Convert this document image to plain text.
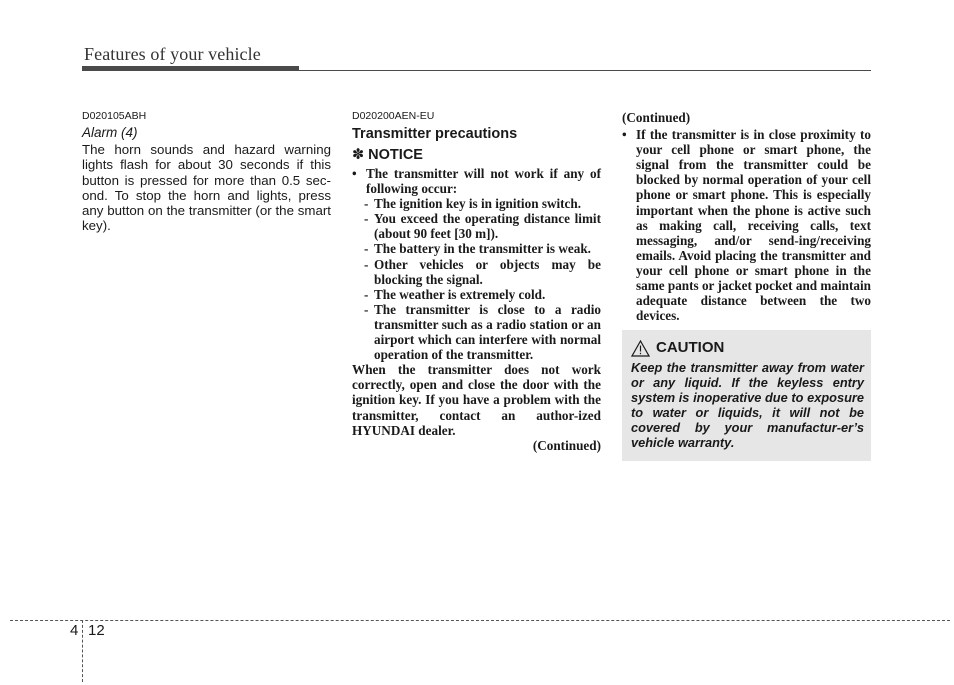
Features of your vehicle
D020105ABH
Alarm (4)
The horn sounds and hazard warning lights flash for about 30 seconds if this button is pressed for more than 0.5 sec-ond. To stop the horn and lights, press any button on the transmitter (or the smart key).
D020200AEN-EU
Transmitter precautions
✽ NOTICE
• The transmitter will not work if any of following occur:
- The ignition key is in ignition switch.
- You exceed the operating distance limit (about 90 feet [30 m]).
- The battery in the transmitter is weak.
- Other vehicles or objects may be blocking the signal.
- The weather is extremely cold.
- The transmitter is close to a radio transmitter such as a radio station or an airport which can interfere with normal operation of the transmitter.
When the transmitter does not work correctly, open and close the door with the ignition key. If you have a problem with the transmitter, contact an author-ized HYUNDAI dealer.
(Continued)
(Continued)
• If the transmitter is in close proximity to your cell phone or smart phone, the signal from the transmitter could be blocked by normal operation of your cell phone or smart phone. This is especially important when the phone is active such as making call, receiving calls, text messaging, and/or send-ing/receiving emails. Avoid placing the transmitter and your cell phone or smart phone in the same pants or jacket pocket and maintain adequate distance between the two devices.
CAUTION
Keep the transmitter away from water or any liquid. If the keyless entry system is inoperative due to exposure to water or liquids, it will not be covered by your manufactur-er’s vehicle warranty.
4 12
